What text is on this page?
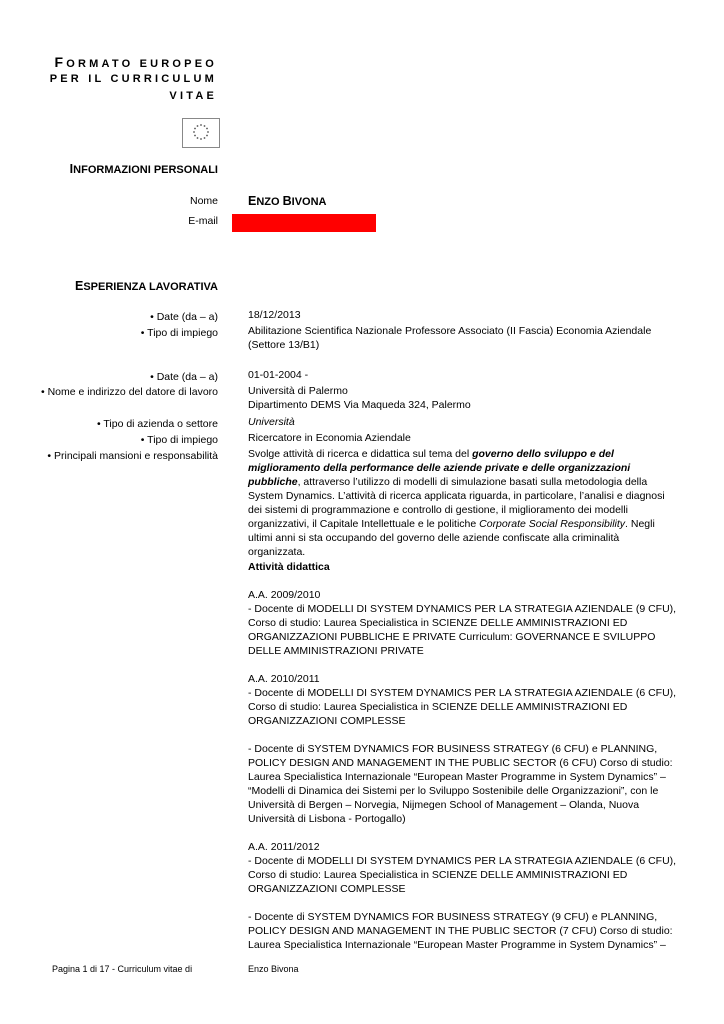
FORMATO EUROPEO
PER IL CURRICULUM
VITAE
INFORMAZIONI PERSONALI
Nome ENZO BIVONA
E-mail
ESPERIENZA LAVORATIVA
• Date (da – a)	18/12/2013
• Tipo di impiego	Abilitazione Scientifica Nazionale Professore Associato (II Fascia) Economia Aziendale (Settore 13/B1)
• Date (da – a)	01-01-2004 -
• Nome e indirizzo del datore di lavoro	Università di Palermo
Dipartimento DEMS Via Maqueda 324, Palermo
• Tipo di azienda o settore	Università
• Tipo di impiego	Ricercatore in Economia Aziendale
• Principali mansioni e responsabilità	Svolge attività di ricerca e didattica sul tema del governo dello sviluppo e del miglioramento della performance delle aziende private e delle organizzazioni pubbliche, attraverso l’utilizzo di modelli di simulazione basati sulla metodologia della System Dynamics. L’attività di ricerca applicata riguarda, in particolare, l’analisi e diagnosi dei sistemi di programmazione e controllo di gestione, il miglioramento dei modelli organizzativi, il Capitale Intellettuale e le politiche Corporate Social Responsibility. Negli ultimi anni si sta occupando del governo delle aziende confiscate alla criminalità organizzata.
Attività didattica
A.A. 2009/2010
- Docente di MODELLI DI SYSTEM DYNAMICS PER LA STRATEGIA AZIENDALE (9 CFU), Corso di studio: Laurea Specialistica in SCIENZE DELLE AMMINISTRAZIONI ED ORGANIZZAZIONI PUBBLICHE E PRIVATE Curriculum: GOVERNANCE E SVILUPPO DELLE AMMINISTRAZIONI PRIVATE
A.A. 2010/2011
- Docente di MODELLI DI SYSTEM DYNAMICS PER LA STRATEGIA AZIENDALE (6 CFU), Corso di studio: Laurea Specialistica in SCIENZE DELLE AMMINISTRAZIONI ED ORGANIZZAZIONI COMPLESSE
- Docente di SYSTEM DYNAMICS FOR BUSINESS STRATEGY (6 CFU) e PLANNING, POLICY DESIGN AND MANAGEMENT IN THE PUBLIC SECTOR (6 CFU) Corso di studio: Laurea Specialistica Internazionale “European Master Programme in System Dynamics” – “Modelli di Dinamica dei Sistemi per lo Sviluppo Sostenibile delle Organizzazioni”, con le Università di Bergen – Norvegia, Nijmegen School of Management – Olanda, Nuova Università di Lisbona - Portogallo)
A.A. 2011/2012
- Docente di MODELLI DI SYSTEM DYNAMICS PER LA STRATEGIA AZIENDALE (6 CFU), Corso di studio: Laurea Specialistica in SCIENZE DELLE AMMINISTRAZIONI ED ORGANIZZAZIONI COMPLESSE
- Docente di SYSTEM DYNAMICS FOR BUSINESS STRATEGY (9 CFU) e PLANNING, POLICY DESIGN AND MANAGEMENT IN THE PUBLIC SECTOR (7 CFU) Corso di studio: Laurea Specialistica Internazionale “European Master Programme in System Dynamics” –
Pagina 1 di 17 - Curriculum vitae di	Enzo Bivona
